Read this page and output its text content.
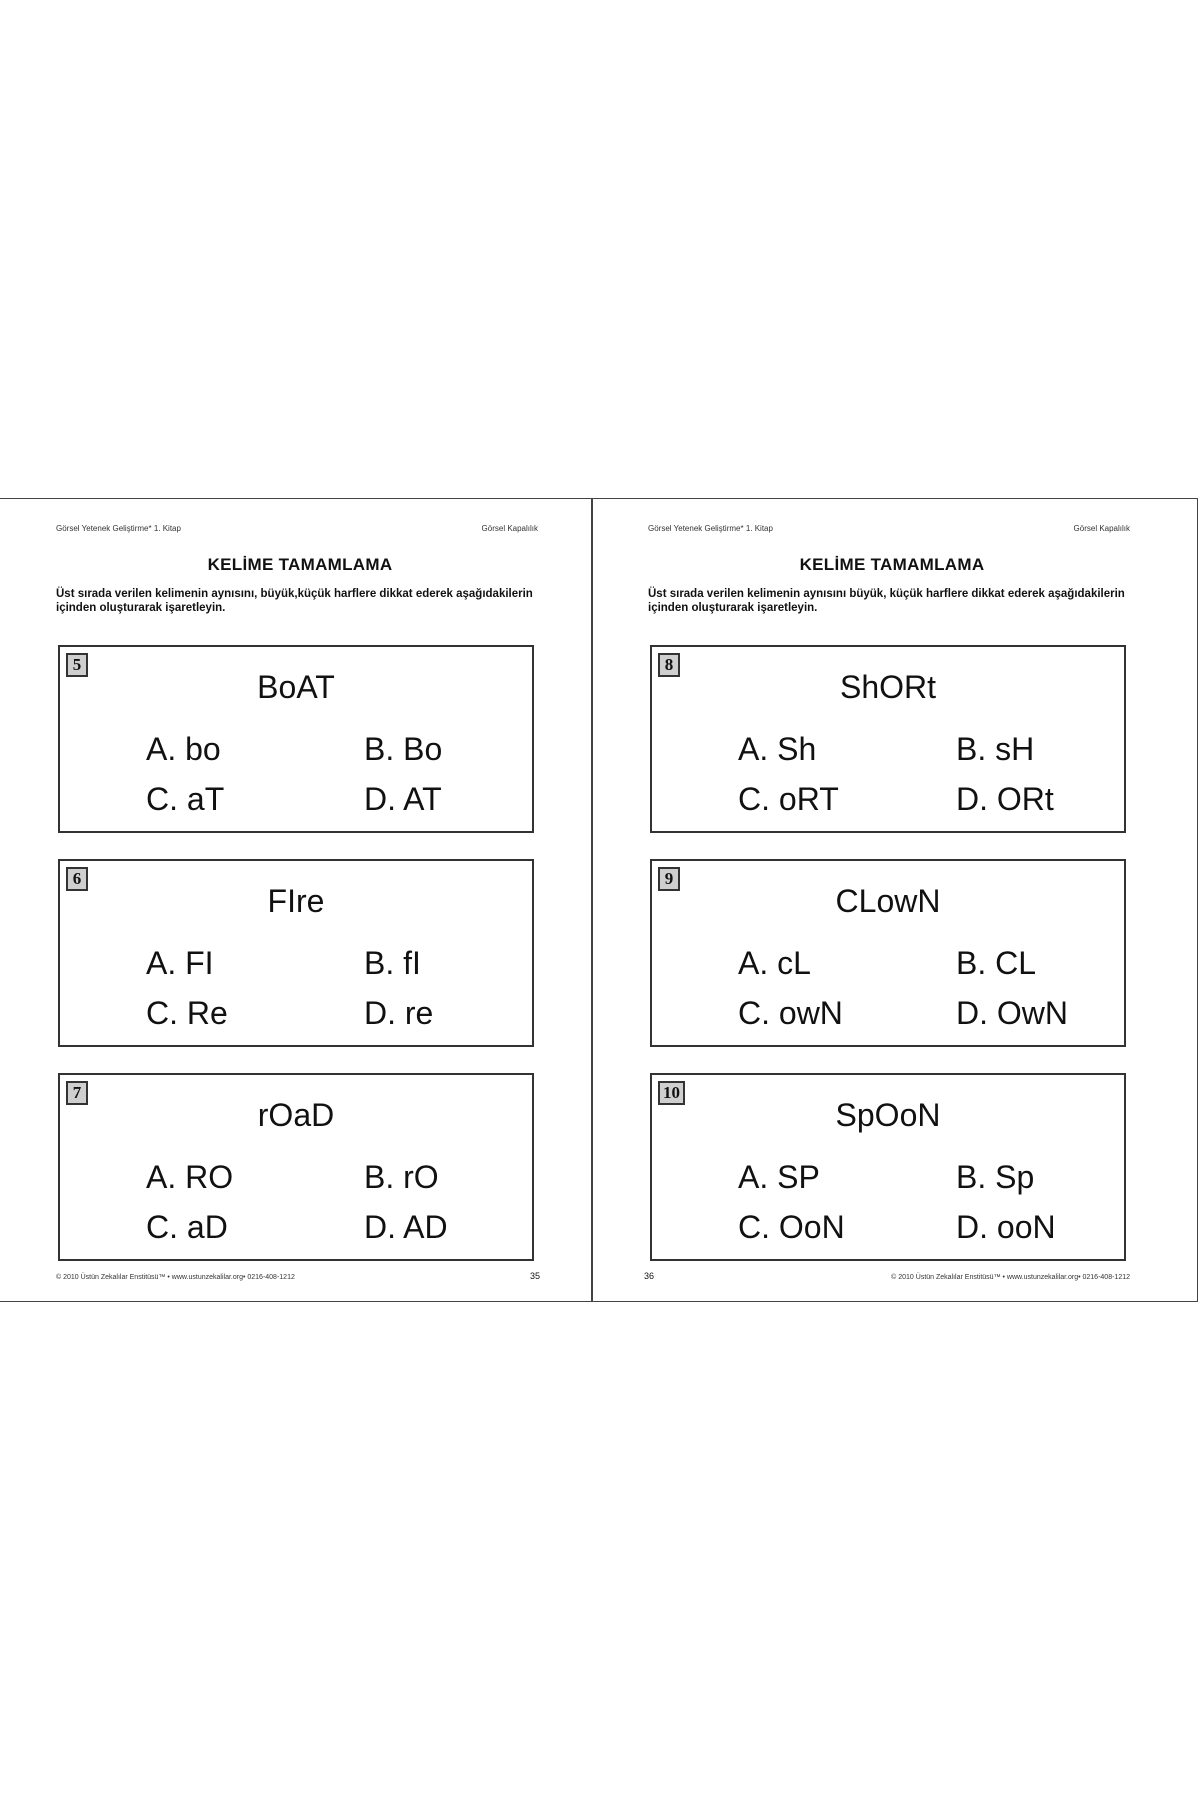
Görsel Yetenek Geliştirme* 1. Kitap	Görsel Kapalılık
KELİME TAMAMLAMA
Üst sırada verilen kelimenin aynısını, büyük,küçük harflere dikkat ederek aşağıdakilerin içinden oluşturarak işaretleyin.
5
BoAT
A. bo	B. Bo
C. aT	D. AT
6
FIre
A. FI	B. fI
C. Re	D. re
7
rOaD
A. RO	B. rO
C. aD	D. AD
© 2010 Üstün Zekalılar Enstitüsü™ • www.ustunzekalilar.org• 0216-408-1212	35
Görsel Yetenek Geliştirme* 1. Kitap	Görsel Kapalılık
KELİME TAMAMLAMA
Üst sırada verilen kelimenin aynısını büyük, küçük harflere dikkat ederek aşağıdakilerin içinden oluşturarak işaretleyin.
8
ShORt
A. Sh	B. sH
C. oRT	D. ORt
9
CLowN
A. cL	B. CL
C. owN	D. OwN
10
SpOoN
A. SP	B. Sp
C. OoN	D. ooN
36	© 2010 Üstün Zekalılar Enstitüsü™ • www.ustunzekalilar.org• 0216-408-1212
